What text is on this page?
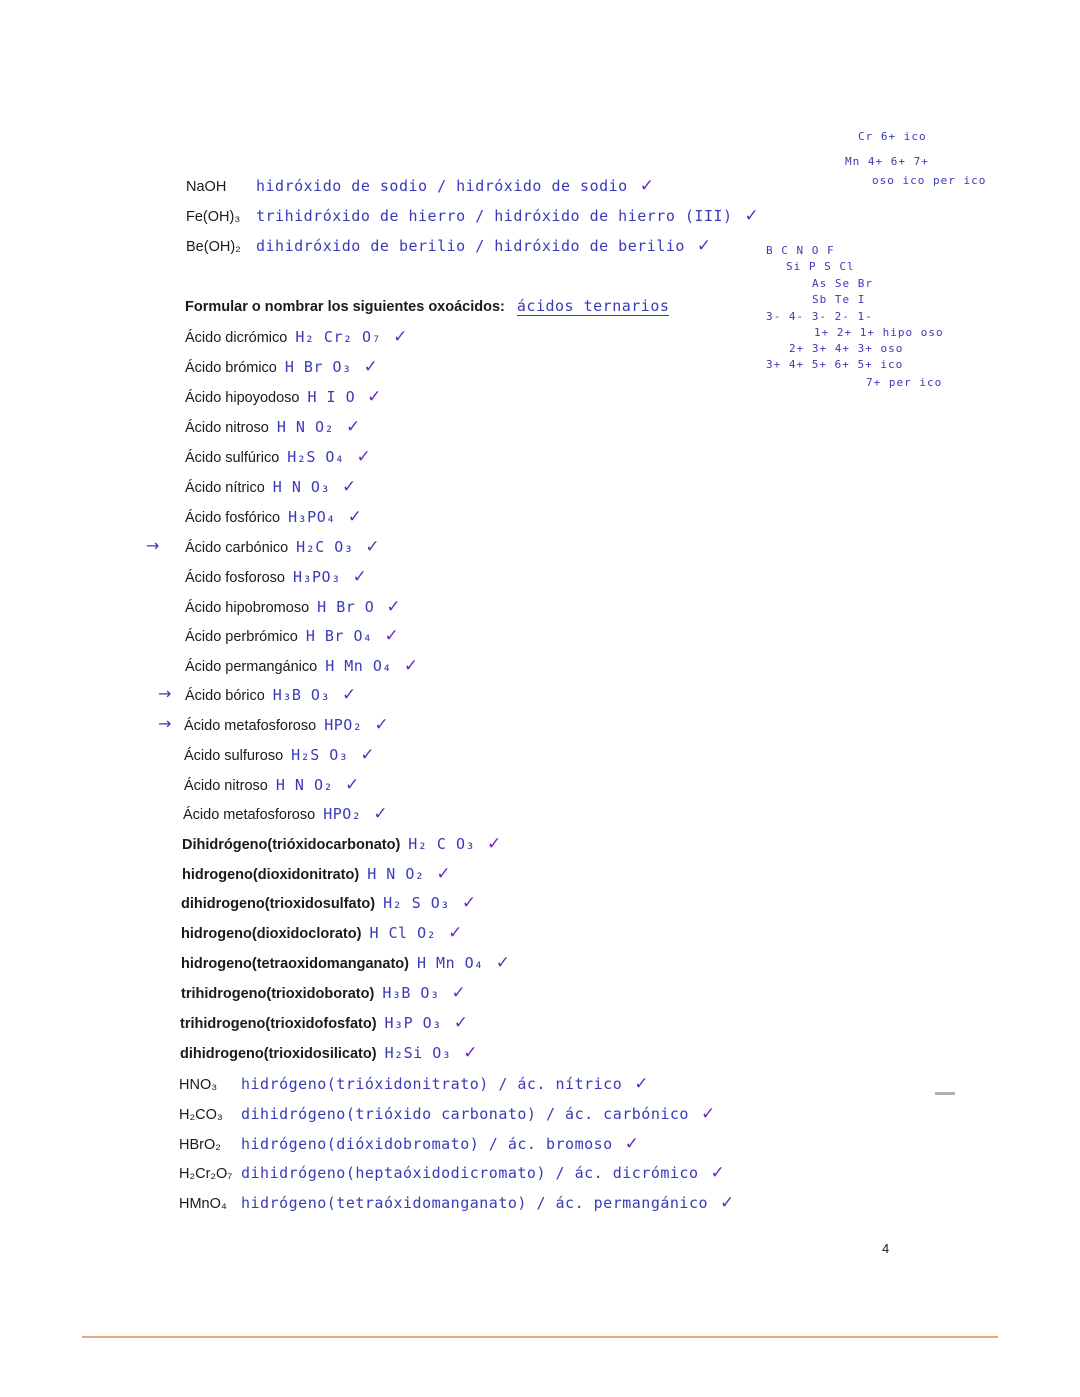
NaOH hidróxido de sodio / hidróxido de sodio ✓
Fe(OH)₃ trihidróxido de hierro / hidróxido de hierro (III) ✓
Be(OH)₂ dihidróxido de berilio / hidróxido de berilio ✓
Formular o nombrar los siguientes oxoácidos: ácidos ternarios
→
→
→
Ácido dicrómico H₂ Cr₂ O₇ ✓
Ácido brómico H Br O₃ ✓
Ácido hipoyodoso H I O ✓
Ácido nitroso H N O₂ ✓
Ácido sulfúrico H₂S O₄ ✓
Ácido nítrico H N O₃ ✓
Ácido fosfórico H₃PO₄ ✓
Ácido carbónico H₂C O₃ ✓
Ácido fosforoso H₃PO₃ ✓
Ácido hipobromoso H Br O ✓
Ácido perbrómico H Br O₄ ✓
Ácido permangánico H Mn O₄ ✓
Ácido bórico H₃B O₃ ✓
Ácido metafosforoso HPO₂ ✓
Ácido sulfuroso H₂S O₃ ✓
Ácido nitroso H N O₂ ✓
Ácido metafosforoso HPO₂ ✓
Dihidrógeno(trióxidocarbonato) H₂ C O₃ ✓
hidrogeno(dioxidonitrato) H N O₂ ✓
dihidrogeno(trioxidosulfato) H₂ S O₃ ✓
hidrogeno(dioxidoclorato) H Cl O₂ ✓
hidrogeno(tetraoxidomanganato) H Mn O₄ ✓
trihidrogeno(trioxidoborato) H₃B O₃ ✓
trihidrogeno(trioxidofosfato) H₃P O₃ ✓
dihidrogeno(trioxidosilicato) H₂Si O₃ ✓
HNO₃ hidrógeno(trióxidonitrato) / ác. nítrico ✓
H₂CO₃ dihidrógeno(trióxido carbonato) / ác. carbónico ✓
HBrO₂ hidrógeno(dióxidobromato) / ác. bromoso ✓
H₂Cr₂O₇ dihidrógeno(heptaóxidodicromato) / ác. dicrómico ✓
HMnO₄ hidrógeno(tetraóxidomanganato) / ác. permangánico ✓
Cr 6+ ico
Mn 4+ 6+ 7+
oso ico per ico
B C N O F
Si P S Cl
As Se Br
Sb Te I
3- 4- 3- 2- 1-
1+ 2+ 1+ hipo oso
2+ 3+ 4+ 3+ oso
3+ 4+ 5+ 6+ 5+ ico
7+ per ico
4
